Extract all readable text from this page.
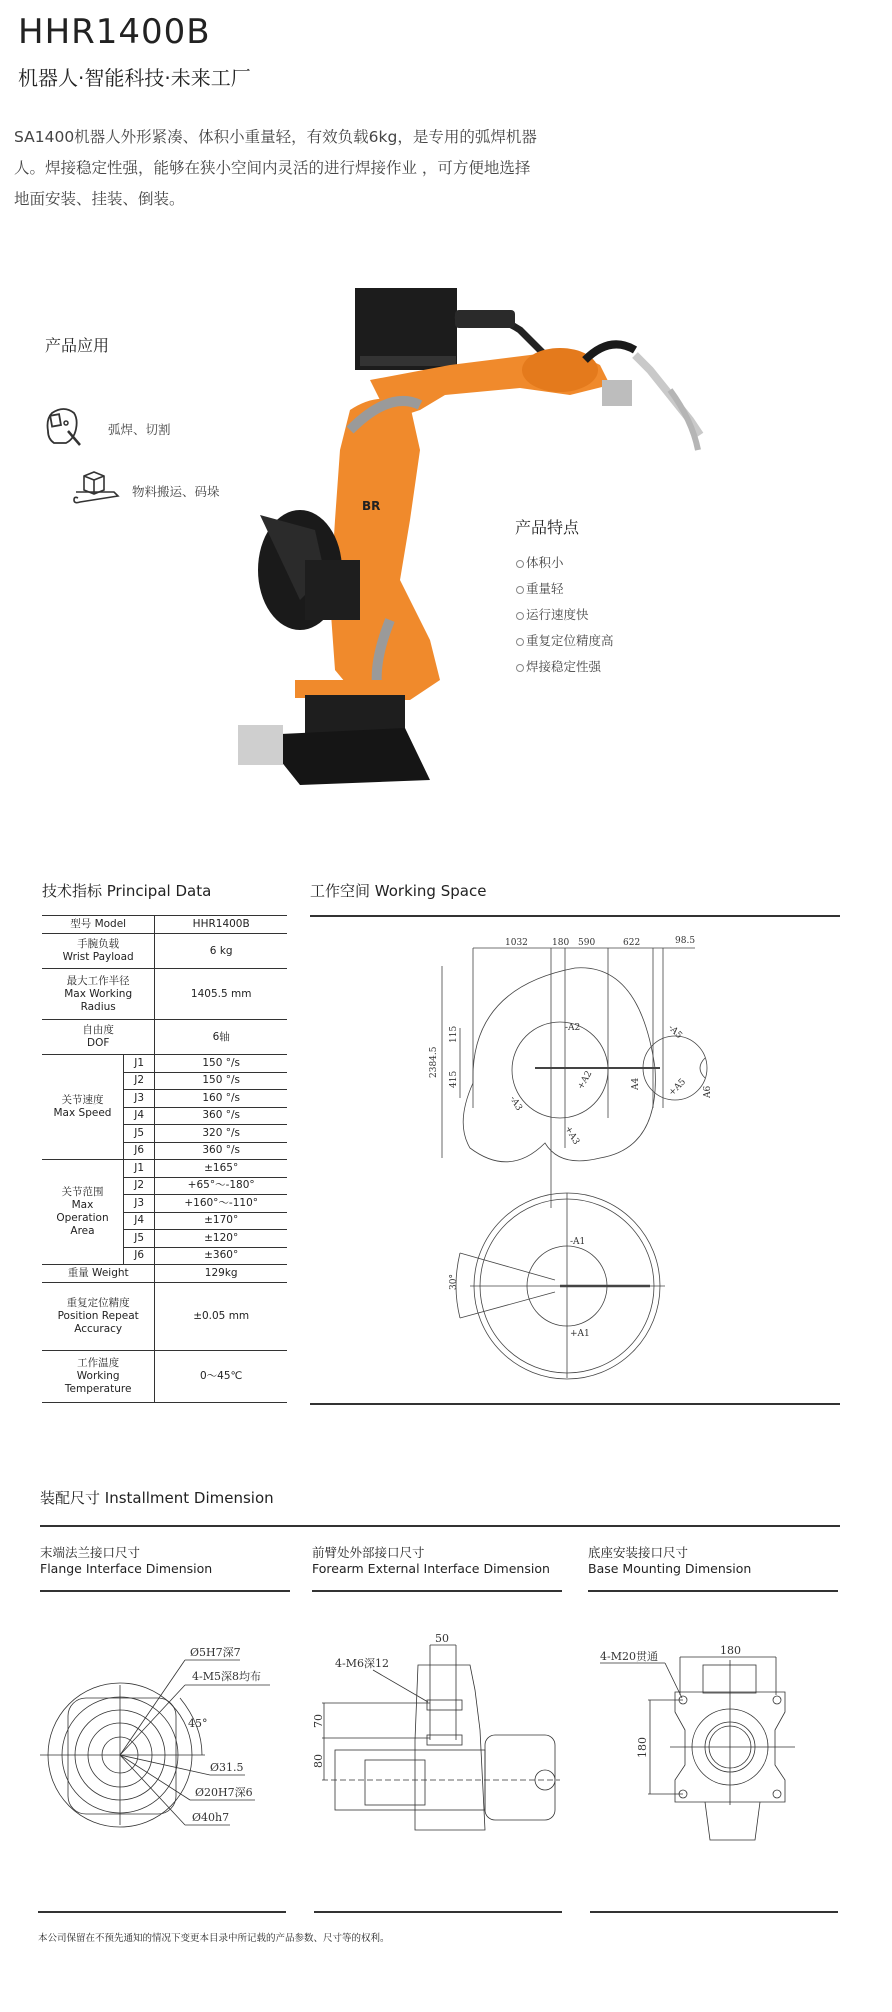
HHR1400B
机器人·智能科技·未来工厂
SA1400机器人外形紧凑、体积小重量轻，有效负载6kg，是专用的弧焊机器
人。焊接稳定性强，能够在狭小空间内灵活的进行焊接作业 ，可方便地选择
地面安装、挂装、倒装。
产品应用
弧焊、切割
物料搬运、码垛
BR
产品特点
体积小
重量轻
运行速度快
重复定位精度高
焊接稳定性强
技术指标 Principal Data
型号 Model		HHR1400B

手腕负载
Wrist Payload		6 kg

最大工作半径
Max Working
Radius		1405.5 mm

自由度
DOF		6轴

关节速度
Max Speed	J1	150 °/s
	J2	150 °/s
	J3	160 °/s
	J4	360 °/s
	J5	320 °/s
	J6	360 °/s

关节范围
Max
Operation
Area	J1	±165°
	J2	+65°～-180°
	J3	+160°～-110°
	J4	±170°
	J5	±120°
	J6	±360°
重量 Weight		129kg

重复定位精度
Position Repeat
Accuracy		±0.05 mm

工作温度
Working
Temperature		0～45℃
工作空间 Working Space
1032	180 590	622	98.5
2384.5
115
415
-A2
+A2
-A3
+A3
A4
-A5
+A5 A6
30°
-A1
+A1
装配尺寸 Installment Dimension
末端法兰接口尺寸
Flange Interface Dimension
前臂处外部接口尺寸
Forearm External Interface Dimension
底座安装接口尺寸
Base Mounting Dimension
Ø5H7深7
4-M5深8均布
45°
Ø31.5
Ø20H7深6
Ø40h7
50
4-M6深12
70
80
180
4-M20贯通
180
本公司保留在不预先通知的情况下变更本目录中所记载的产品参数、尺寸等的权利。
